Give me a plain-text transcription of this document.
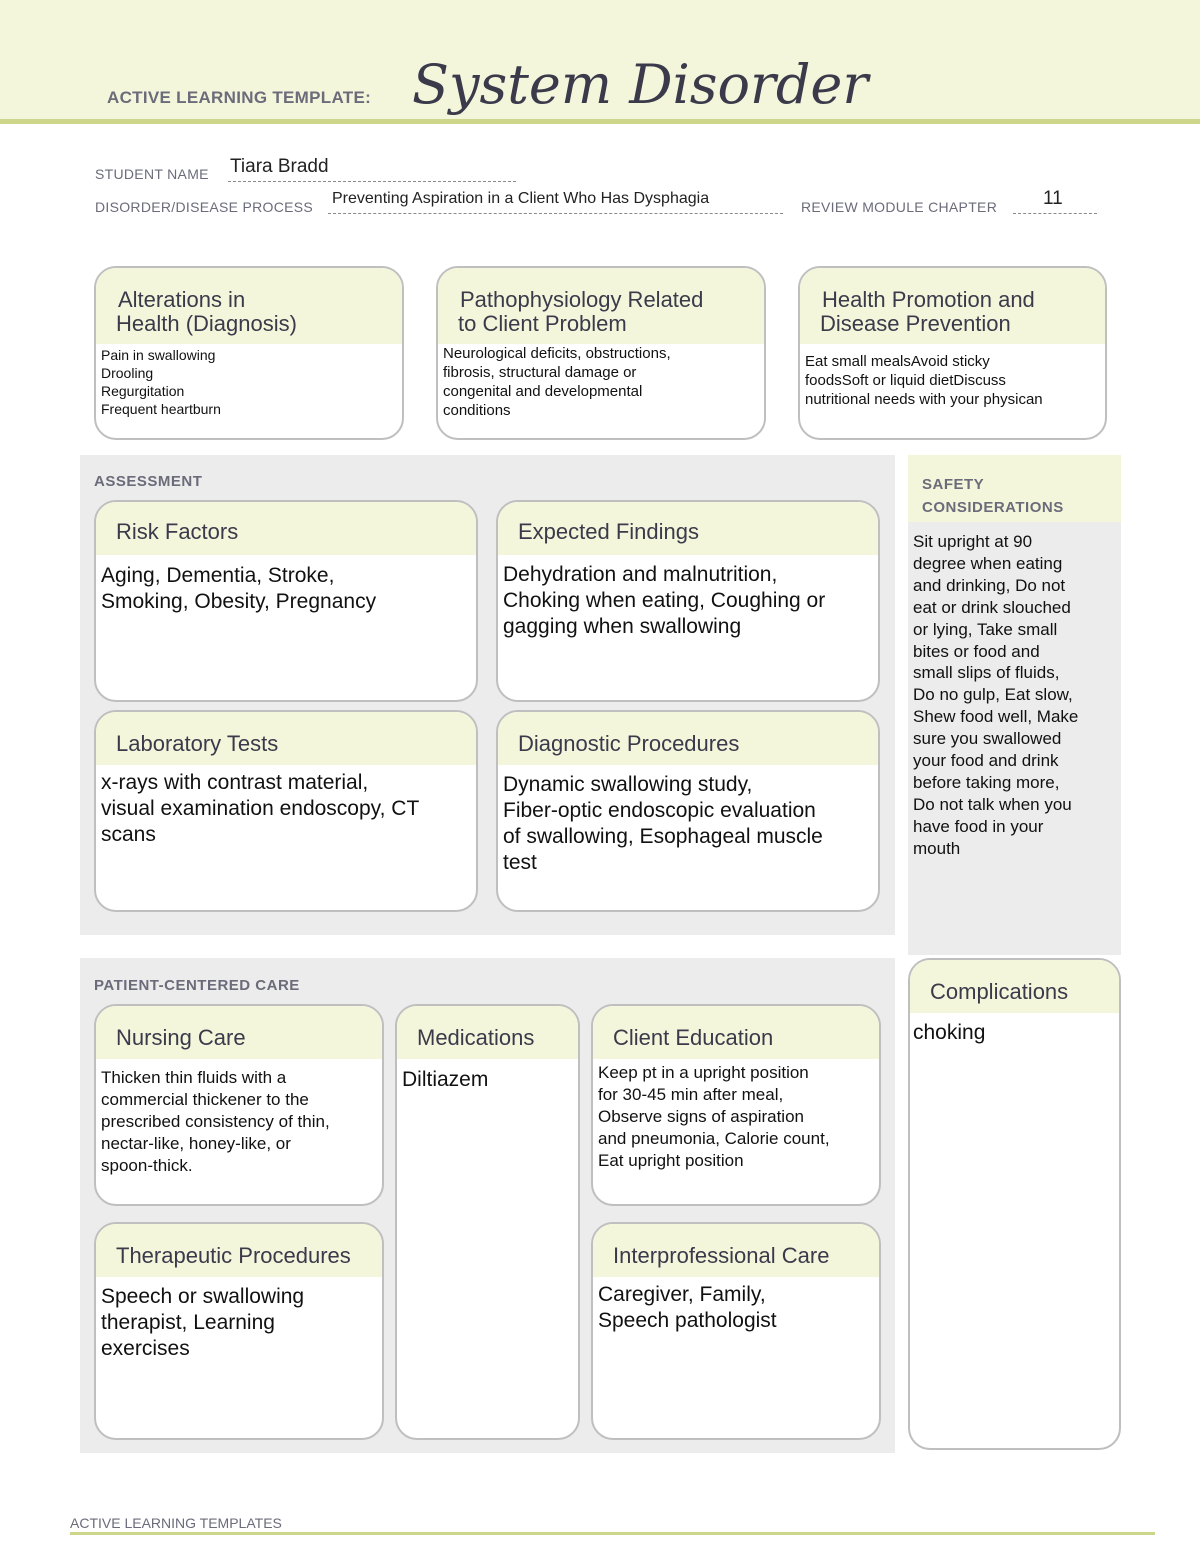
ACTIVE LEARNING TEMPLATE: System Disorder
STUDENT NAME Tiara Bradd
DISORDER/DISEASE PROCESS Preventing Aspiration in a Client Who Has Dysphagia	REVIEW MODULE CHAPTER 11
Alterations in
Health (Diagnosis)
Pain in swallowing
Drooling
Regurgitation
Frequent heartburn
Pathophysiology Related
to Client Problem
Neurological deficits, obstructions,
fibrosis, structural damage or
congenital and developmental
conditions
Health Promotion and
Disease Prevention
Eat small mealsAvoid sticky
foodsSoft or liquid dietDiscuss
nutritional needs with your physican
ASSESSMENT
Risk Factors
Aging, Dementia, Stroke,
Smoking, Obesity, Pregnancy
Expected Findings
Dehydration and malnutrition,
Choking when eating, Coughing or
gagging when swallowing
Laboratory Tests
x-rays with contrast material,
visual examination endoscopy, CT
scans
Diagnostic Procedures
Dynamic swallowing study,
Fiber-optic endoscopic evaluation
of swallowing, Esophageal muscle
test
SAFETY
CONSIDERATIONS
Sit upright at 90
degree when eating
and drinking, Do not
eat or drink slouched
or lying, Take small
bites or food and
small slips of fluids,
Do no gulp, Eat slow,
Shew food well, Make
sure you swallowed
your food and drink
before taking more,
Do not talk when you
have food in your
mouth
PATIENT-CENTERED CARE
Nursing Care
Thicken thin fluids with a
commercial thickener to the
prescribed consistency of thin,
nectar-like, honey-like, or
spoon-thick.
Medications
Diltiazem
Client Education
Keep pt in a upright position
for 30-45 min after meal,
Observe signs of aspiration
and pneumonia, Calorie count,
Eat upright position
Therapeutic Procedures
Speech or swallowing
therapist, Learning
exercises
Interprofessional Care
Caregiver, Family,
Speech pathologist
Complications
choking
ACTIVE LEARNING TEMPLATES
